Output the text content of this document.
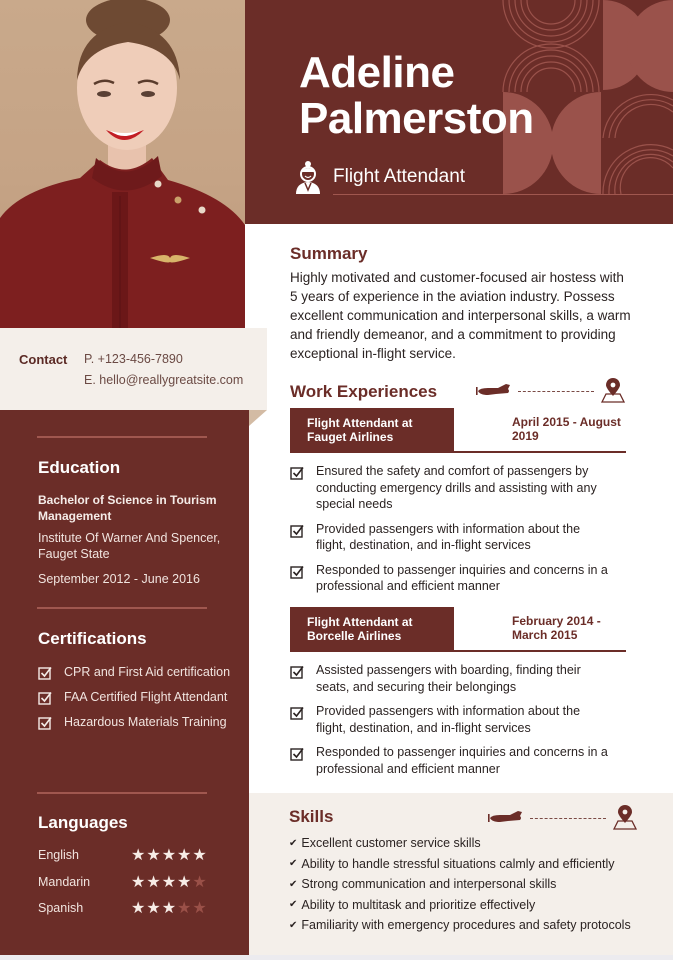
Adeline
Palmerston
Flight Attendant
Contact P. +123-456-7890
E. hello@reallygreatsite.com
Education
Bachelor of Science in Tourism Management
Institute Of Warner And Spencer, Fauget State
September 2012 - June 2016
Certifications
CPR and First Aid certification
FAA Certified Flight Attendant
Hazardous Materials Training
Languages
English	★ ★ ★ ★ ★
Mandarin	★ ★ ★ ★ ★
Spanish	★ ★ ★ ★ ★
Summary

Highly motivated and customer-focused air hostess with 5 years of experience in the aviation industry. Possess excellent communication and interpersonal skills, a warm and friendly demeanor, and a commitment to providing exceptional in-flight service.

Work Experiences
Flight Attendant at Fauget Airlines
April 2015 - August 2019
Ensured the safety and comfort of passengers by conducting emergency drills and assisting with any special needs
Provided passengers with information about the flight, destination, and in-flight services
Responded to passenger inquiries and concerns in a professional and efficient manner
Flight Attendant at Borcelle Airlines
February 2014 - March 2015
Assisted passengers with boarding, finding their seats, and securing their belongings
Provided passengers with information about the flight, destination, and in-flight services
Responded to passenger inquiries and concerns in a professional and efficient manner
Skills
✔ Excellent customer service skills
✔ Ability to handle stressful situations calmly and efficiently
✔ Strong communication and interpersonal skills
✔ Ability to multitask and prioritize effectively
✔ Familiarity with emergency procedures and safety protocols
